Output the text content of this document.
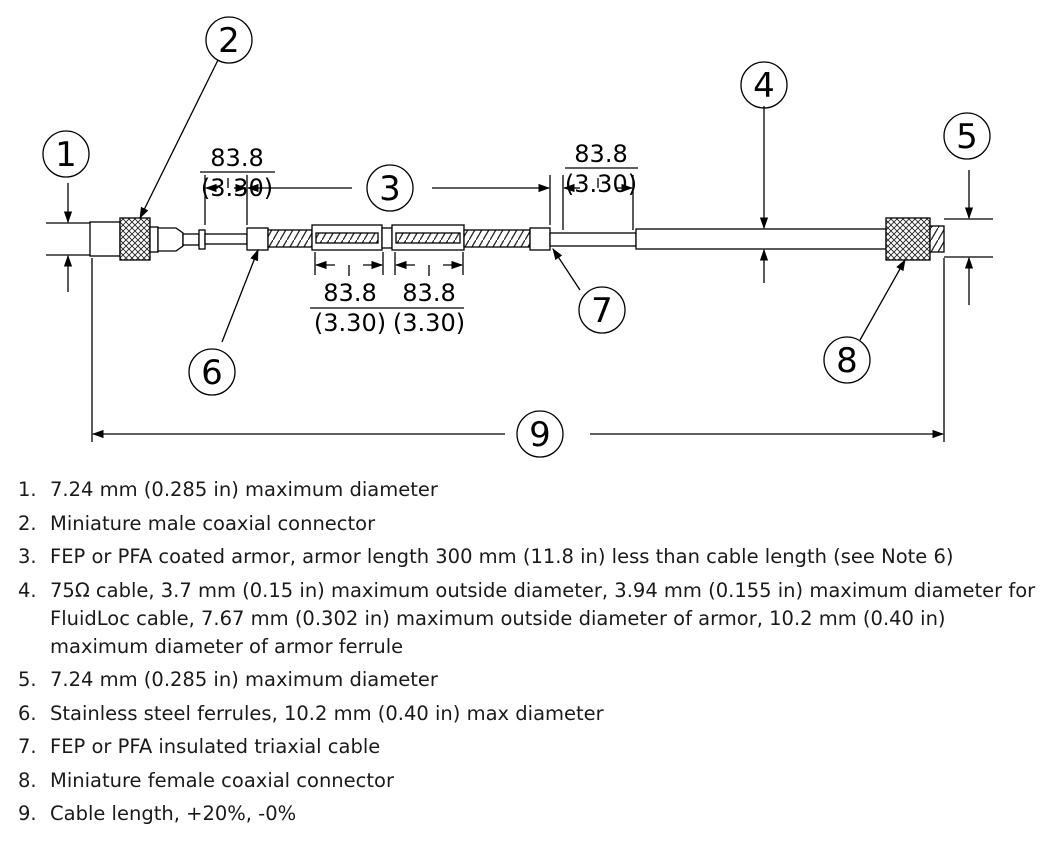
1
2
3
4
5
6
7
8
9
83.8
(3.30)
83.8
(3.30)
83.8
(3.30)
83.8
(3.30)
1. 7.24 mm (0.285 in) maximum diameter
2. Miniature male coaxial connector
3. FEP or PFA coated armor, armor length 300 mm (11.8 in) less than cable length (see Note 6)
4. 75Ω cable, 3.7 mm (0.15 in) maximum outside diameter, 3.94 mm (0.155 in) maximum diameter for FluidLoc cable, 7.67 mm (0.302 in) maximum outside diameter of armor, 10.2 mm (0.40 in) maximum diameter of armor ferrule
5. 7.24 mm (0.285 in) maximum diameter
6. Stainless steel ferrules, 10.2 mm (0.40 in) max diameter
7. FEP or PFA insulated triaxial cable
8. Miniature female coaxial connector
9. Cable length, +20%, -0%
